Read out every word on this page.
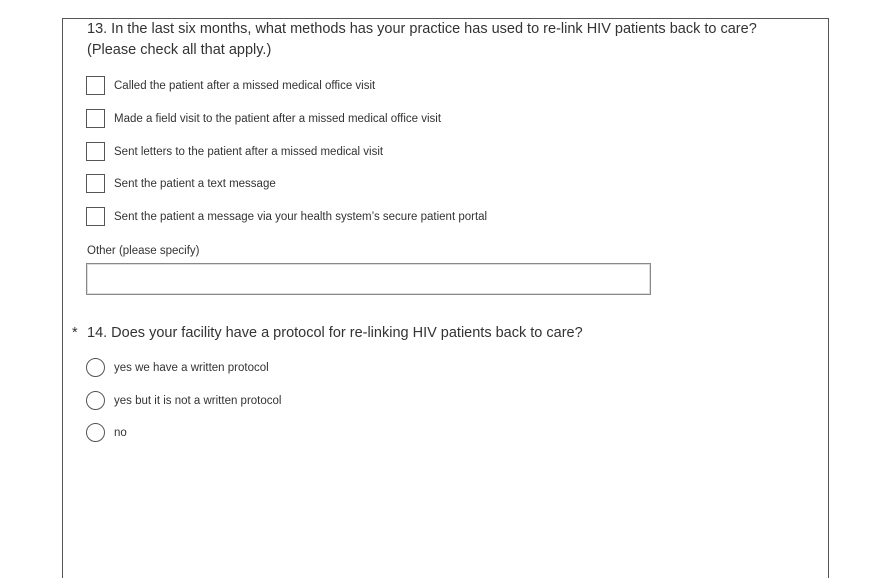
13. In the last six months, what methods has your practice has used to re-link HIV patients back to care? (Please check all that apply.)

Called the patient after a missed medical office visit
Made a field visit to the patient after a missed medical office visit
Sent letters to the patient after a missed medical visit
Sent the patient a text message
Sent the patient a message via your health system’s secure patient portal
Other (please specify)
* 14. Does your facility have a protocol for re-linking HIV patients back to care?

yes we have a written protocol
yes but it is not a written protocol
no
